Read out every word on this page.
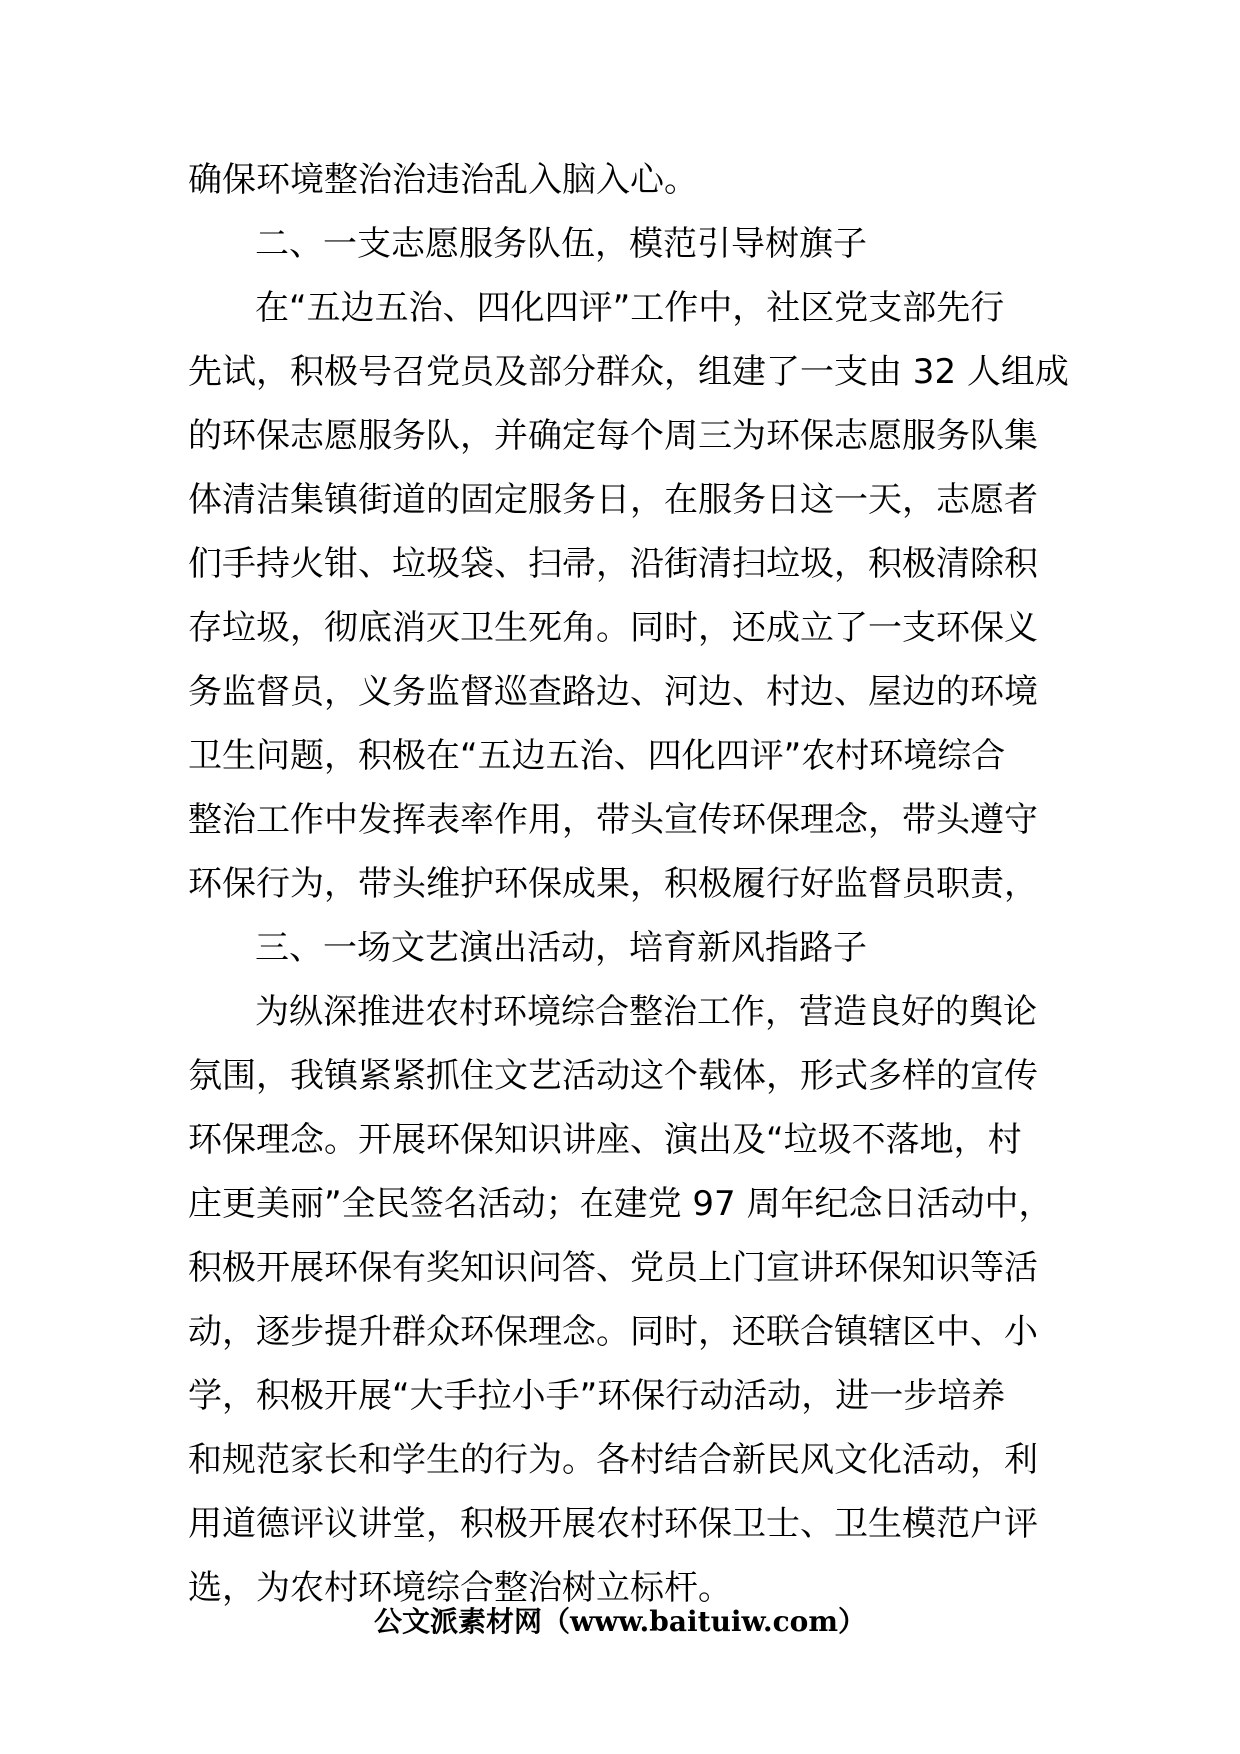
确保环境整治治违治乱入脑入心。
二、一支志愿服务队伍，模范引导树旗子
在“五边五治、四化四评”工作中，社区党支部先行
先试，积极号召党员及部分群众，组建了一支由 32 人组成
的环保志愿服务队，并确定每个周三为环保志愿服务队集
体清洁集镇街道的固定服务日，在服务日这一天，志愿者
们手持火钳、垃圾袋、扫帚，沿街清扫垃圾，积极清除积
存垃圾，彻底消灭卫生死角。同时，还成立了一支环保义
务监督员，义务监督巡查路边、河边、村边、屋边的环境
卫生问题，积极在“五边五治、四化四评”农村环境综合
整治工作中发挥表率作用，带头宣传环保理念，带头遵守
环保行为，带头维护环保成果，积极履行好监督员职责，
三、一场文艺演出活动，培育新风指路子
为纵深推进农村环境综合整治工作，营造良好的舆论
氛围，我镇紧紧抓住文艺活动这个载体，形式多样的宣传
环保理念。开展环保知识讲座、演出及“垃圾不落地，村
庄更美丽”全民签名活动；在建党 97 周年纪念日活动中，
积极开展环保有奖知识问答、党员上门宣讲环保知识等活
动，逐步提升群众环保理念。同时，还联合镇辖区中、小
学，积极开展“大手拉小手”环保行动活动，进一步培养
和规范家长和学生的行为。各村结合新民风文化活动，利
用道德评议讲堂，积极开展农村环保卫士、卫生模范户评
选，为农村环境综合整治树立标杆。
公文派素材网（www.baituiw.com）
